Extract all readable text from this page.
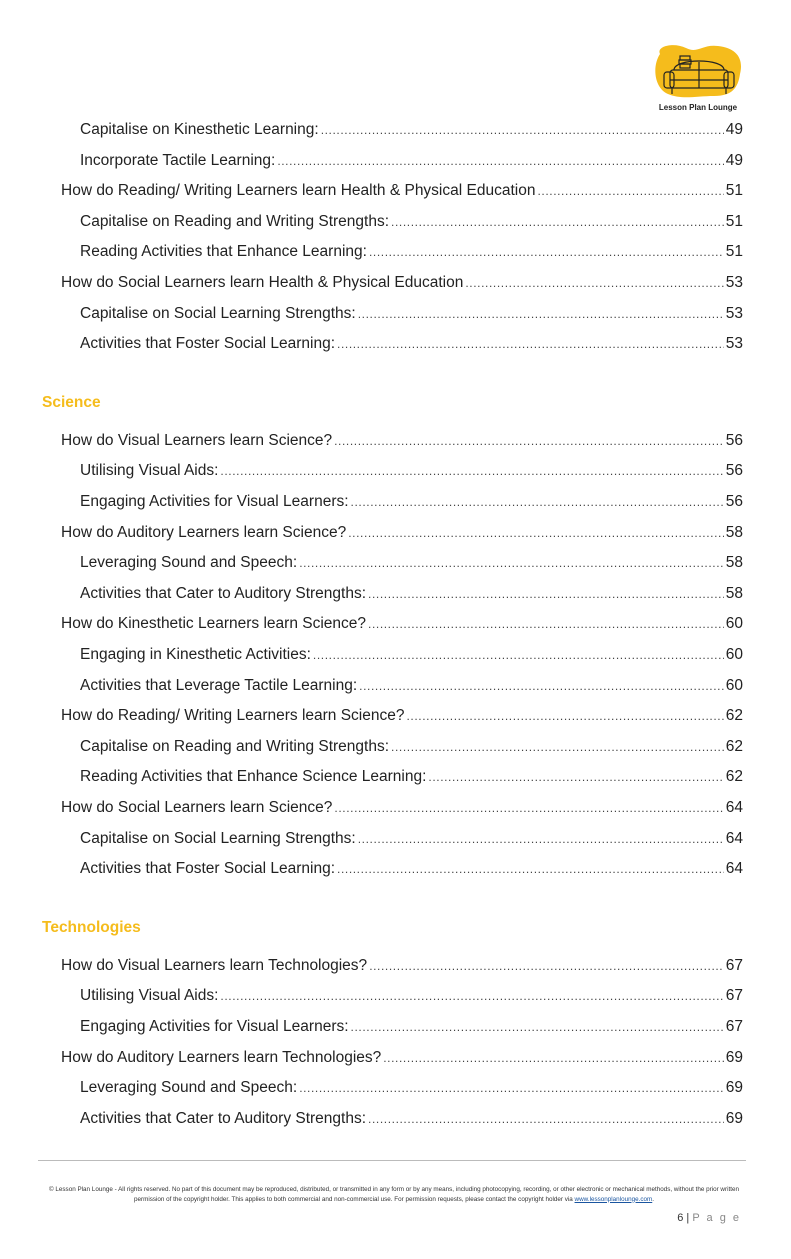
Lesson Plan Lounge
Capitalise on Kinesthetic Learning: .....	49
Incorporate Tactile Learning: .....	49
How do Reading/ Writing Learners learn Health & Physical Education .....	51
Capitalise on Reading and Writing Strengths: .....	51
Reading Activities that Enhance Learning: .....	51
How do Social Learners learn Health & Physical Education .....	53
Capitalise on Social Learning Strengths: .....	53
Activities that Foster Social Learning: .....	53
Science
How do Visual Learners learn Science? .....	56
Utilising Visual Aids: .....	56
Engaging Activities for Visual Learners: .....	56
How do Auditory Learners learn Science? .....	58
Leveraging Sound and Speech: .....	58
Activities that Cater to Auditory Strengths: .....	58
How do Kinesthetic Learners learn Science? .....	60
Engaging in Kinesthetic Activities: .....	60
Activities that Leverage Tactile Learning: .....	60
How do Reading/ Writing Learners learn Science? .....	62
Capitalise on Reading and Writing Strengths: .....	62
Reading Activities that Enhance Science Learning: .....	62
How do Social Learners learn Science? .....	64
Capitalise on Social Learning Strengths: .....	64
Activities that Foster Social Learning: .....	64
Technologies
How do Visual Learners learn Technologies? .....	67
Utilising Visual Aids: .....	67
Engaging Activities for Visual Learners: .....	67
How do Auditory Learners learn Technologies? .....	69
Leveraging Sound and Speech: .....	69
Activities that Cater to Auditory Strengths: .....	69
© Lesson Plan Lounge - All rights reserved. No part of this document may be reproduced, distributed, or transmitted in any form or by any means, including photocopying, recording, or other electronic or mechanical methods, without the prior written permission of the copyright holder. This applies to both commercial and non-commercial use. For permission requests, please contact the copyright holder via www.lessonplanlounge.com.
6 | P a g e
